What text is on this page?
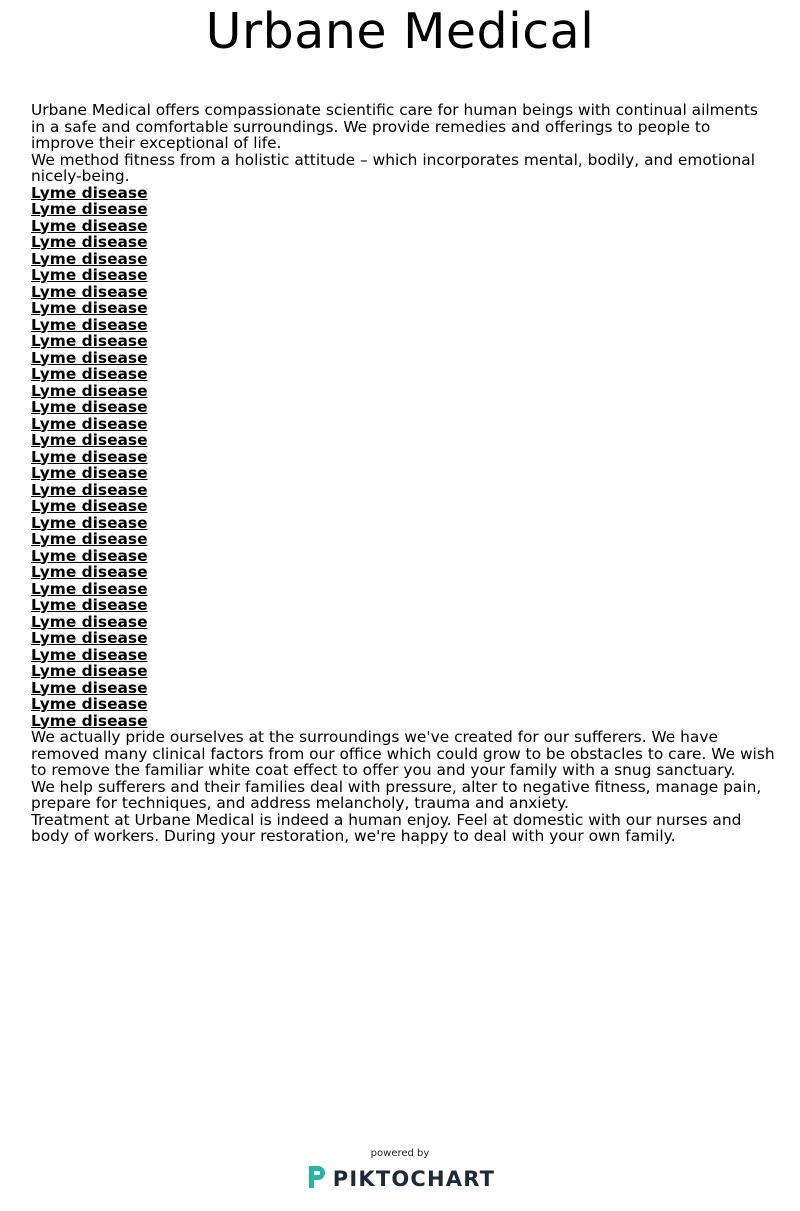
Urbane Medical

Urbane Medical offers compassionate scientific care for human beings with continual ailments in a safe and comfortable surroundings. We provide remedies and offerings to people to improve their exceptional of life.

We method fitness from a holistic attitude – which incorporates mental, bodily, and emotional nicely-being.

Lyme disease
Lyme disease
Lyme disease
Lyme disease
Lyme disease
Lyme disease
Lyme disease
Lyme disease
Lyme disease
Lyme disease
Lyme disease
Lyme disease
Lyme disease
Lyme disease
Lyme disease
Lyme disease
Lyme disease
Lyme disease
Lyme disease
Lyme disease
Lyme disease
Lyme disease
Lyme disease
Lyme disease
Lyme disease
Lyme disease
Lyme disease
Lyme disease
Lyme disease
Lyme disease
Lyme disease
Lyme disease
Lyme disease

We actually pride ourselves at the surroundings we've created for our sufferers. We have removed many clinical factors from our office which could grow to be obstacles to care. We wish to remove the familiar white coat effect to offer you and your family with a snug sanctuary.

We help sufferers and their families deal with pressure, alter to negative fitness, manage pain, prepare for techniques, and address melancholy, trauma and anxiety.

Treatment at Urbane Medical is indeed a human enjoy. Feel at domestic with our nurses and body of workers. During your restoration, we're happy to deal with your own family.

powered by

PIKTOCHART
